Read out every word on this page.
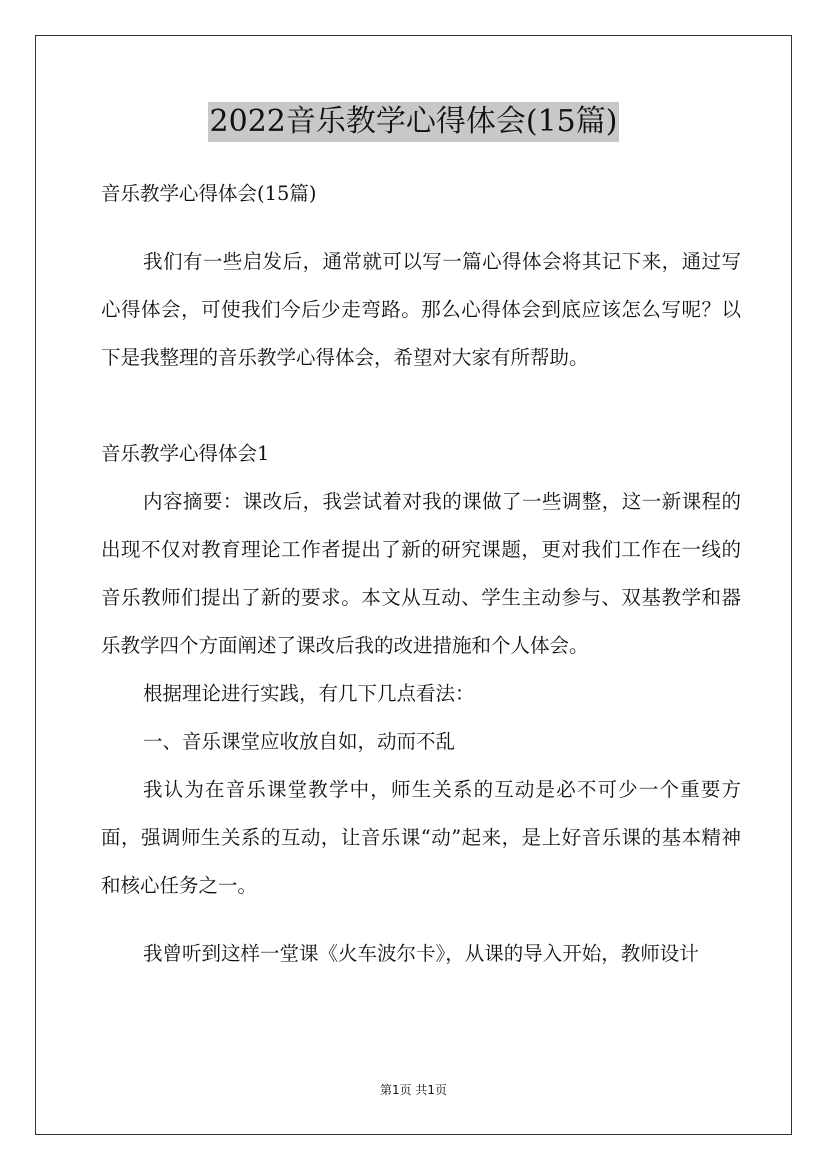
2022音乐教学心得体会(15篇)

音乐教学心得体会(15篇)

我们有一些启发后，通常就可以写一篇心得体会将其记下来，通过写心得体会，可使我们今后少走弯路。那么心得体会到底应该怎么写呢？以下是我整理的音乐教学心得体会，希望对大家有所帮助。

音乐教学心得体会1

内容摘要：课改后，我尝试着对我的课做了一些调整，这一新课程的出现不仅对教育理论工作者提出了新的研究课题，更对我们工作在一线的音乐教师们提出了新的要求。本文从互动、学生主动参与、双基教学和器乐教学四个方面阐述了课改后我的改进措施和个人体会。

根据理论进行实践，有几下几点看法：

一、音乐课堂应收放自如，动而不乱

我认为在音乐课堂教学中，师生关系的互动是必不可少一个重要方面，强调师生关系的互动，让音乐课“动”起来，是上好音乐课的基本精神和核心任务之一。

我曾听到这样一堂课《火车波尔卡》，从课的导入开始，教师设计

第1页 共1页
